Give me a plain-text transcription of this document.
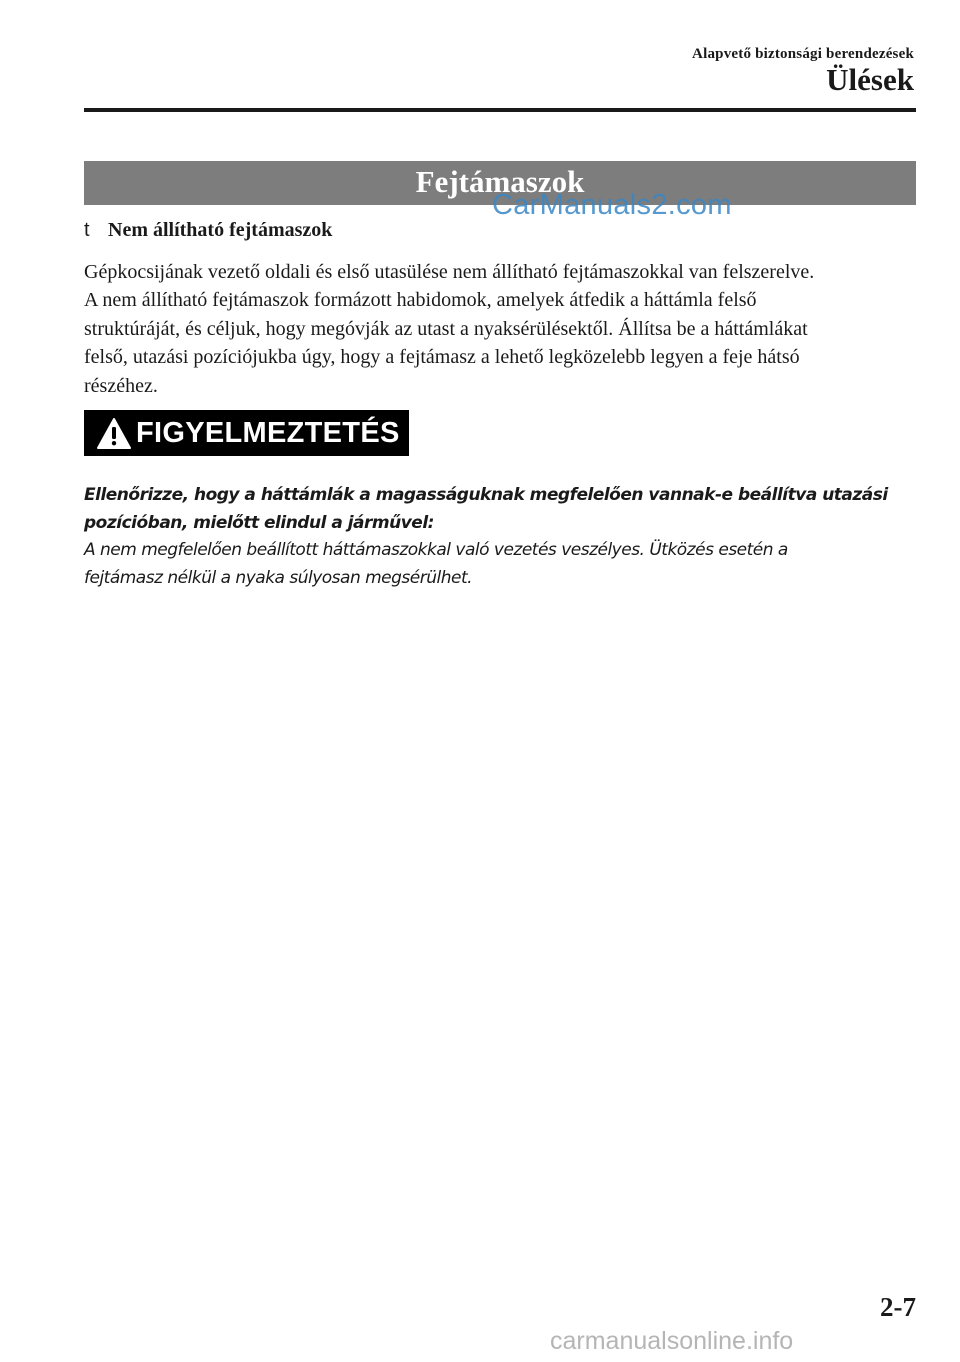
Alapvető biztonsági berendezések
Ülések
Fejtámaszok
CarManuals2.com
t Nem állítható fejtámaszok

Gépkocsijának vezető oldali és első utasülése nem állítható fejtámaszokkal van felszerelve.
A nem állítható fejtámaszok formázott habidomok, amelyek átfedik a háttámla felső
struktúráját, és céljuk, hogy megóvják az utast a nyaksérülésektől. Állítsa be a háttámlákat
felső, utazási pozíciójukba úgy, hogy a fejtámasz a lehető legközelebb legyen a feje hátsó
részéhez.

FIGYELMEZTETÉS

Ellenőrizze, hogy a háttámlák a magasságuknak megfelelően vannak-e beállítva utazási
pozícióban, mielőtt elindul a járművel:
A nem megfelelően beállított háttámaszokkal való vezetés veszélyes. Ütközés esetén a
fejtámasz nélkül a nyaka súlyosan megsérülhet.

2-7
carmanualsonline.info
